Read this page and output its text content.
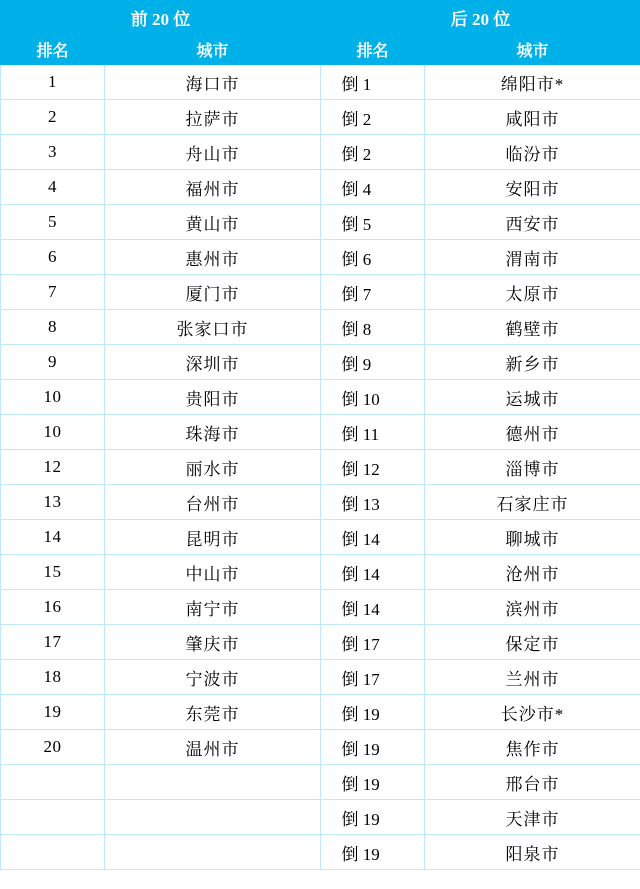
前 20 位		后 20 位	
排名	城市	排名	城市
1	海口市	倒 1	绵阳市*
2	拉萨市	倒 2	咸阳市
3	舟山市	倒 2	临汾市
4	福州市	倒 4	安阳市
5	黄山市	倒 5	西安市
6	惠州市	倒 6	渭南市
7	厦门市	倒 7	太原市
8	张家口市	倒 8	鹤壁市
9	深圳市	倒 9	新乡市
10	贵阳市	倒 10	运城市
10	珠海市	倒 11	德州市
12	丽水市	倒 12	淄博市
13	台州市	倒 13	石家庄市
14	昆明市	倒 14	聊城市
15	中山市	倒 14	沧州市
16	南宁市	倒 14	滨州市
17	肇庆市	倒 17	保定市
18	宁波市	倒 17	兰州市
19	东莞市	倒 19	长沙市*
20	温州市	倒 19	焦作市
		倒 19	邢台市
		倒 19	天津市
		倒 19	阳泉市
